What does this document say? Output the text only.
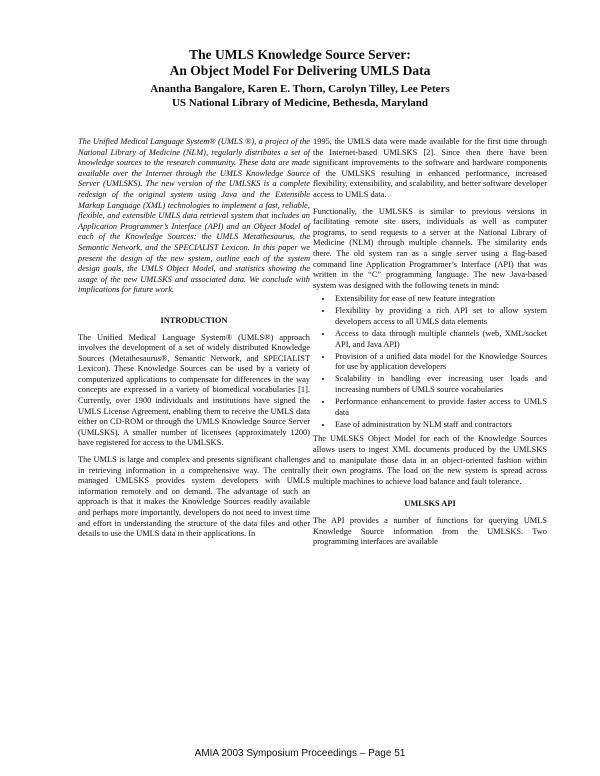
The UMLS Knowledge Source Server:
An Object Model For Delivering UMLS Data
Anantha Bangalore, Karen E. Thorn, Carolyn Tilley, Lee Peters
US National Library of Medicine, Bethesda, Maryland

The Unified Medical Language System® (UMLS ®), a project of the National Library of Medicine (NLM), regularly distributes a set of knowledge sources to the research community. These data are made available over the Internet through the UMLS Knowledge Source Server (UMLSKS). The new version of the UMLSKS is a complete redesign of the original system using Java and the Extensible Markup Language (XML) technologies to implement a fast, reliable, flexible, and extensible UMLS data retrieval system that includes an Application Programmer’s Interface (API) and an Object Model of each of the Knowledge Sources: the UMLS Metathesaurus, the Semantic Network, and the SPECIALIST Lexicon. In this paper we present the design of the new system, outline each of the system design goals, the UMLS Object Model, and statistics showing the usage of the new UMLSKS and associated data. We conclude with implications for future work.

INTRODUCTION

The Unified Medical Language System® (UMLS®) approach involves the development of a set of widely distributed Knowledge Sources (Metathesaurus®, Semantic Network, and SPECIALIST Lexicon). These Knowledge Sources can be used by a variety of computerized applications to compensate for differences in the way concepts are expressed in a variety of biomedical vocabularies [1]. Currently, over 1900 individuals and institutions have signed the UMLS License Agreement, enabling them to receive the UMLS data either on CD-ROM or through the UMLS Knowledge Source Server (UMLSKS). A smaller number of licensees (approximately 1200) have registered for access to the UMLSKS.

The UMLS is large and complex and presents significant challenges in retrieving information in a comprehensive way. The centrally managed UMLSKS provides system developers with UMLS information remotely and on demand. The advantage of such an approach is that it makes the Knowledge Sources readily available and perhaps more importantly, developers do not need to invest time and effort in understanding the structure of the data files and other details to use the UMLS data in their applications. In

1995, the UMLS data were made available for the first time through the Internet-based UMLSKS [2]. Since then there have been significant improvements to the software and hardware components of the UMLSKS resulting in enhanced performance, increased flexibility, extensibility, and scalability, and better software developer access to UMLS data.

Functionally, the UMLSKS is similar to previous versions in facilitating remote site users, individuals as well as computer programs, to send requests to a server at the National Library of Medicine (NLM) through multiple channels. The similarity ends there. The old system ran as a single server using a flag-based command line Application Programmer’s Interface (API) that was written in the “C” programming language. The new Java-based system was designed with the following tenets in mind:

• Extensibility for ease of new feature integration
• Flexibility by providing a rich API set to allow system developers access to all UMLS data elements
• Access to data through multiple channels (web, XML/socket API, and Java API)
• Provision of a unified data model for the Knowledge Sources for use by application developers
• Scalability in handling ever increasing user loads and increasing numbers of UMLS source vocabularies
• Performance enhancement to provide faster access to UMLS data
• Ease of administration by NLM staff and contractors

The UMLSKS Object Model for each of the Knowledge Sources allows users to ingest XML documents produced by the UMLSKS and to manipulate those data in an object-oriented fashion within their own programs. The load on the new system is spread across multiple machines to achieve load balance and fault tolerance.

UMLSKS API

The API provides a number of functions for querying UMLS Knowledge Source information from the UMLSKS. Two programming interfaces are available

AMIA 2003 Symposium Proceedings – Page 51
